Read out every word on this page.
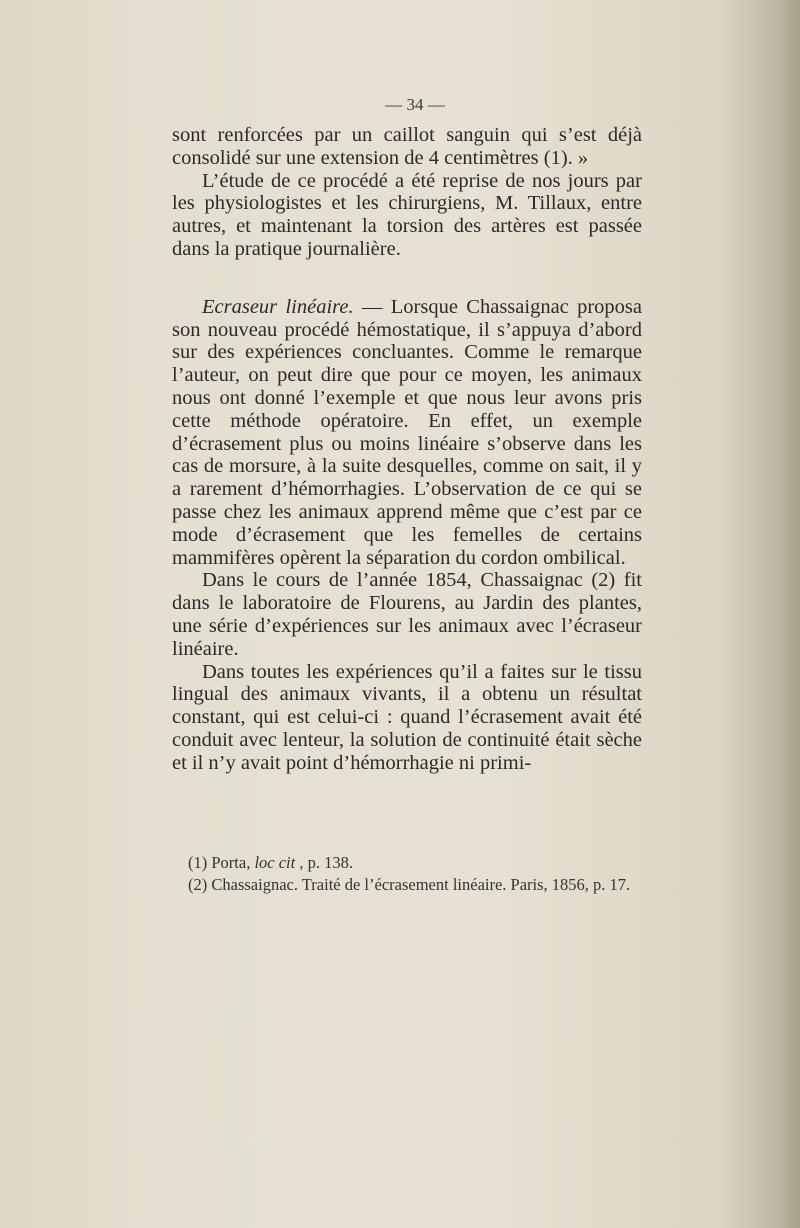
— 34 —

sont renforcées par un caillot sanguin qui s’est déjà consolidé sur une extension de 4 centimètres (1). »

L’étude de ce procédé a été reprise de nos jours par les physiologistes et les chirurgiens, M. Tillaux, entre autres, et maintenant la torsion des artères est passée dans la pratique journalière.

Ecraseur linéaire. — Lorsque Chassaignac proposa son nouveau procédé hémostatique, il s’appuya d’abord sur des expériences concluantes. Comme le remarque l’auteur, on peut dire que pour ce moyen, les animaux nous ont donné l’exemple et que nous leur avons pris cette méthode opératoire. En effet, un exemple d’écrasement plus ou moins linéaire s’observe dans les cas de morsure, à la suite desquelles, comme on sait, il y a rarement d’hémorrhagies. L’observation de ce qui se passe chez les animaux apprend même que c’est par ce mode d’écrasement que les femelles de certains mammifères opèrent la séparation du cordon ombilical.

Dans le cours de l’année 1854, Chassaignac (2) fit dans le laboratoire de Flourens, au Jardin des plantes, une série d’expériences sur les animaux avec l’écraseur linéaire.

Dans toutes les expériences qu’il a faites sur le tissu lingual des animaux vivants, il a obtenu un résultat constant, qui est celui-ci : quand l’écrasement avait été conduit avec lenteur, la solution de continuité était sèche et il n’y avait point d’hémorrhagie ni primi-

(1) Porta, loc cit , p. 138.

(2) Chassaignac. Traité de l’écrasement linéaire. Paris, 1856, p. 17.
